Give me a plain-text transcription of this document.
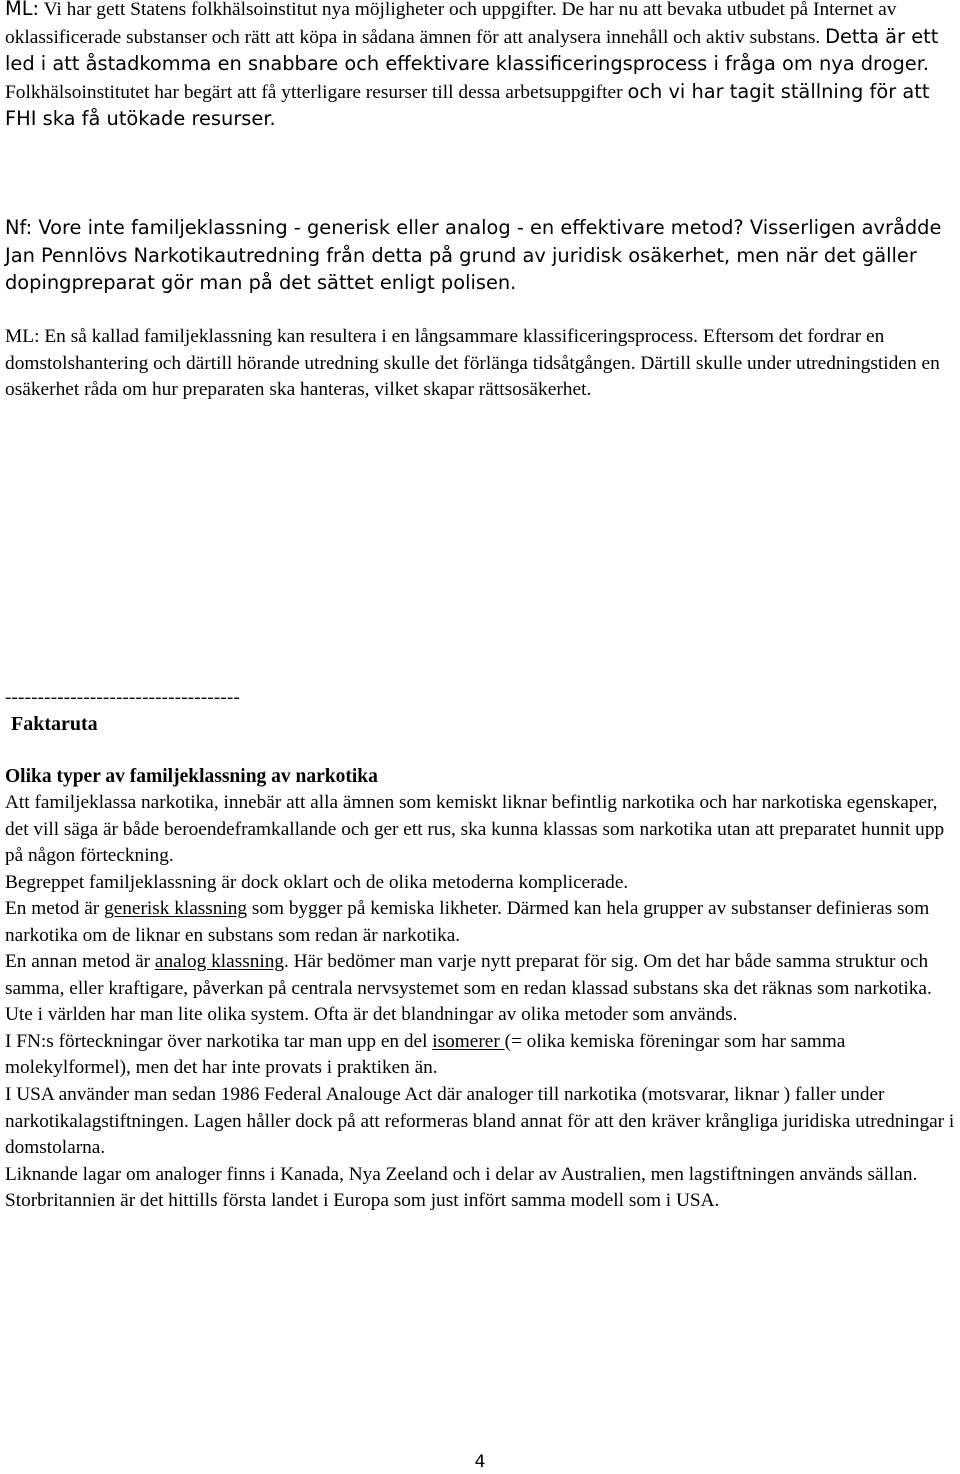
ML: Vi har gett Statens folkhälsoinstitut nya möjligheter och uppgifter. De har nu att bevaka utbudet på Internet av oklassificerade substanser och rätt att köpa in sådana ämnen för att analysera innehåll och aktiv substans. Detta är ett led i att åstadkomma en snabbare och effektivare klassificeringsprocess i fråga om nya droger. Folkhälsoinstitutet har begärt att få ytterligare resurser till dessa arbetsuppgifter och vi har tagit ställning för att FHI ska få utökade resurser.

Nf: Vore inte familjeklassning - generisk eller analog - en effektivare metod? Visserligen avrådde Jan Pennlövs Narkotikautredning från detta på grund av juridisk osäkerhet, men när det gäller dopingpreparat gör man på det sättet enligt polisen.

ML: En så kallad familjeklassning kan resultera i en långsammare klassificeringsprocess. Eftersom det fordrar en domstolshantering och därtill hörande utredning skulle det förlänga tidsåtgången. Därtill skulle under utredningstiden en osäkerhet råda om hur preparaten ska hanteras, vilket skapar rättsosäkerhet.

------------------------------------
Faktaruta
Olika typer av familjeklassning av narkotika

Att familjeklassa narkotika, innebär att alla ämnen som kemiskt liknar befintlig narkotika och har narkotiska egenskaper, det vill säga är både beroendeframkallande och ger ett rus, ska kunna klassas som narkotika utan att preparatet hunnit upp på någon förteckning.

Begreppet familjeklassning är dock oklart och de olika metoderna komplicerade.

En metod är generisk klassning som bygger på kemiska likheter. Därmed kan hela grupper av substanser definieras som narkotika om de liknar en substans som redan är narkotika.

En annan metod är analog klassning. Här bedömer man varje nytt preparat för sig. Om det har både samma struktur och samma, eller kraftigare, påverkan på centrala nervsystemet som en redan klassad substans ska det räknas som narkotika.

Ute i världen har man lite olika system. Ofta är det blandningar av olika metoder som används.

I FN:s förteckningar över narkotika tar man upp en del isomerer (= olika kemiska föreningar som har samma molekylformel), men det har inte provats i praktiken än.

I USA använder man sedan 1986 Federal Analouge Act där analoger till narkotika (motsvarar, liknar ) faller under narkotikalagstiftningen. Lagen håller dock på att reformeras bland annat för att den kräver krångliga juridiska utredningar i domstolarna.

Liknande lagar om analoger finns i Kanada, Nya Zeeland och i delar av Australien, men lagstiftningen används sällan.

Storbritannien är det hittills första landet i Europa som just infört samma modell som i USA.

4
